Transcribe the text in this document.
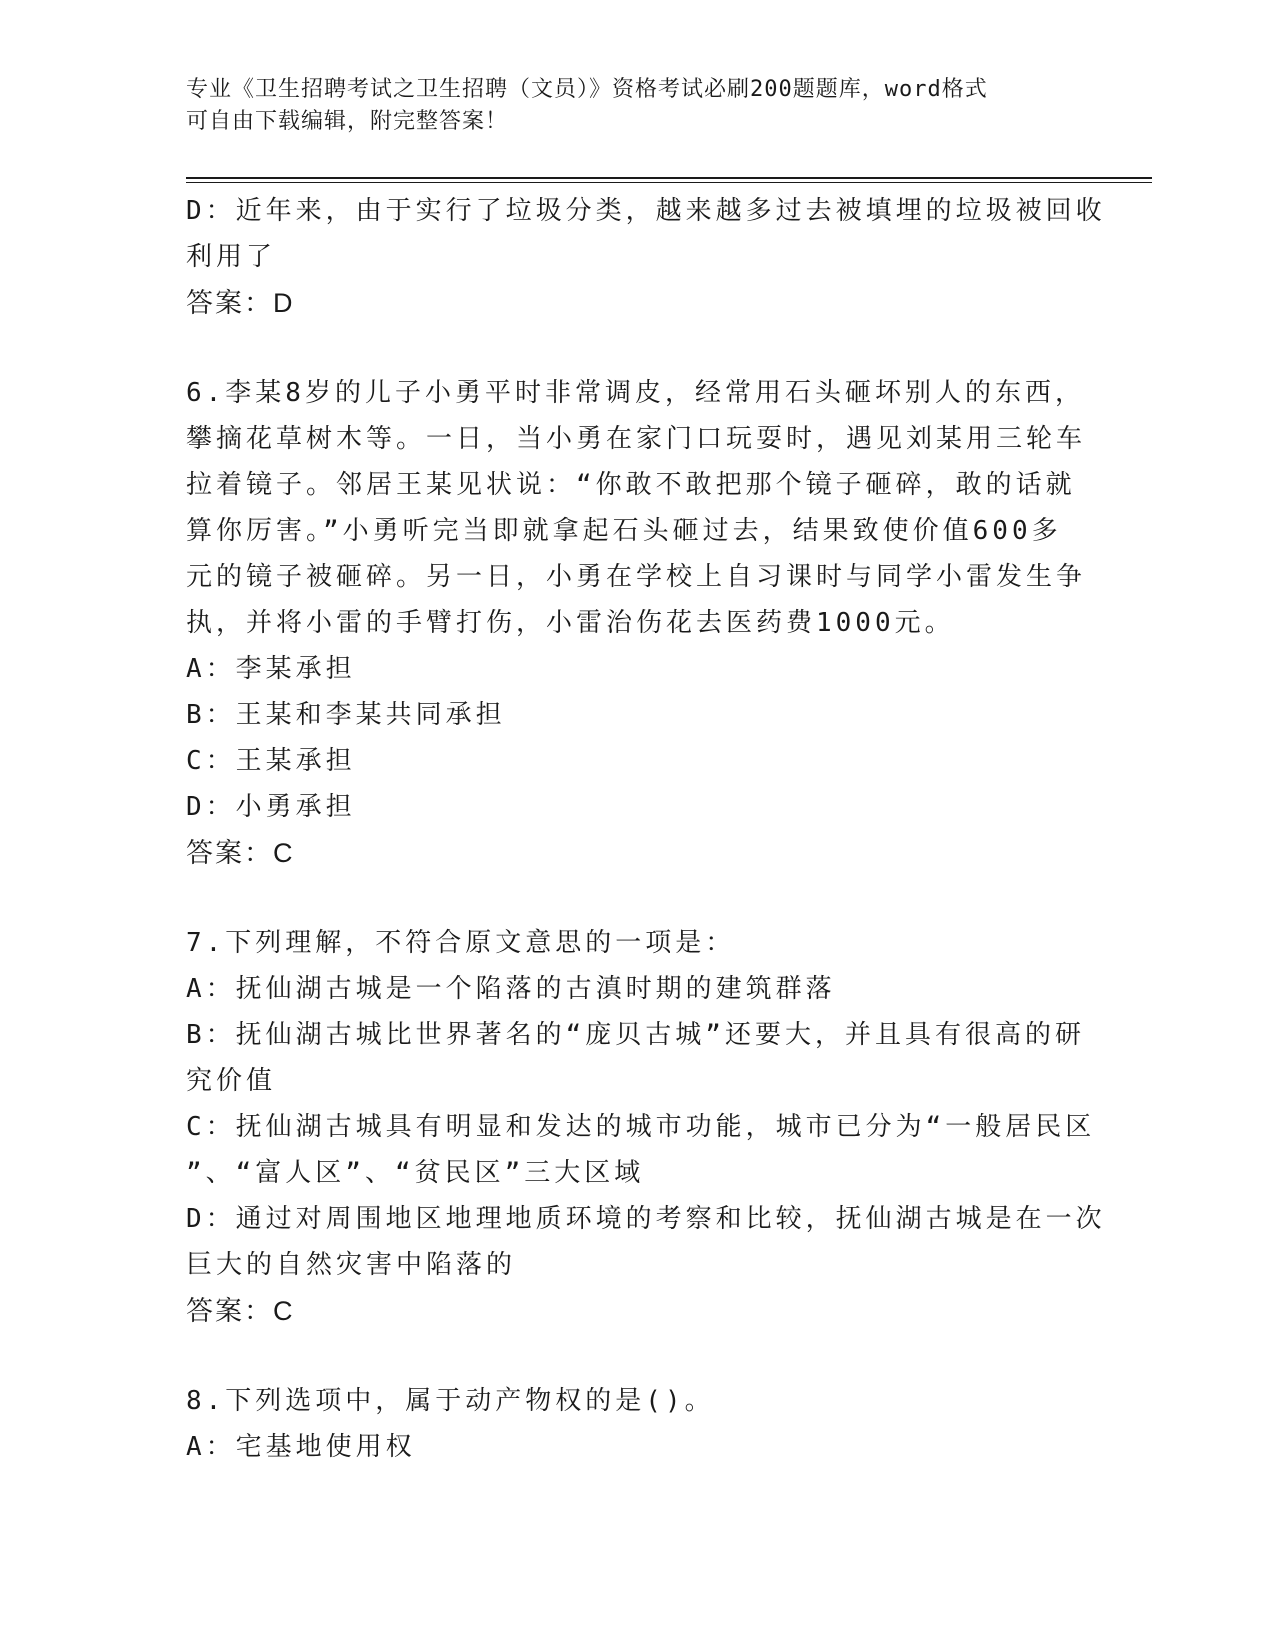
专业《卫生招聘考试之卫生招聘（文员）》资格考试必刷200题题库，word格式
可自由下载编辑，附完整答案！

D：近年来，由于实行了垃圾分类，越来越多过去被填埋的垃圾被回收

利用了

答案：D

6.李某8岁的儿子小勇平时非常调皮，经常用石头砸坏别人的东西，

攀摘花草树木等。一日，当小勇在家门口玩耍时，遇见刘某用三轮车

拉着镜子。邻居王某见状说：“你敢不敢把那个镜子砸碎，敢的话就

算你厉害。”小勇听完当即就拿起石头砸过去，结果致使价值600多

元的镜子被砸碎。另一日，小勇在学校上自习课时与同学小雷发生争

执，并将小雷的手臂打伤，小雷治伤花去医药费1000元。

A：李某承担

B：王某和李某共同承担

C：王某承担

D：小勇承担

答案：C

7.下列理解，不符合原文意思的一项是：

A：抚仙湖古城是一个陷落的古滇时期的建筑群落

B：抚仙湖古城比世界著名的“庞贝古城”还要大，并且具有很高的研

究价值

C：抚仙湖古城具有明显和发达的城市功能，城市已分为“一般居民区

”、“富人区”、“贫民区”三大区域

D：通过对周围地区地理地质环境的考察和比较，抚仙湖古城是在一次

巨大的自然灾害中陷落的

答案：C

8.下列选项中，属于动产物权的是()。

A：宅基地使用权
